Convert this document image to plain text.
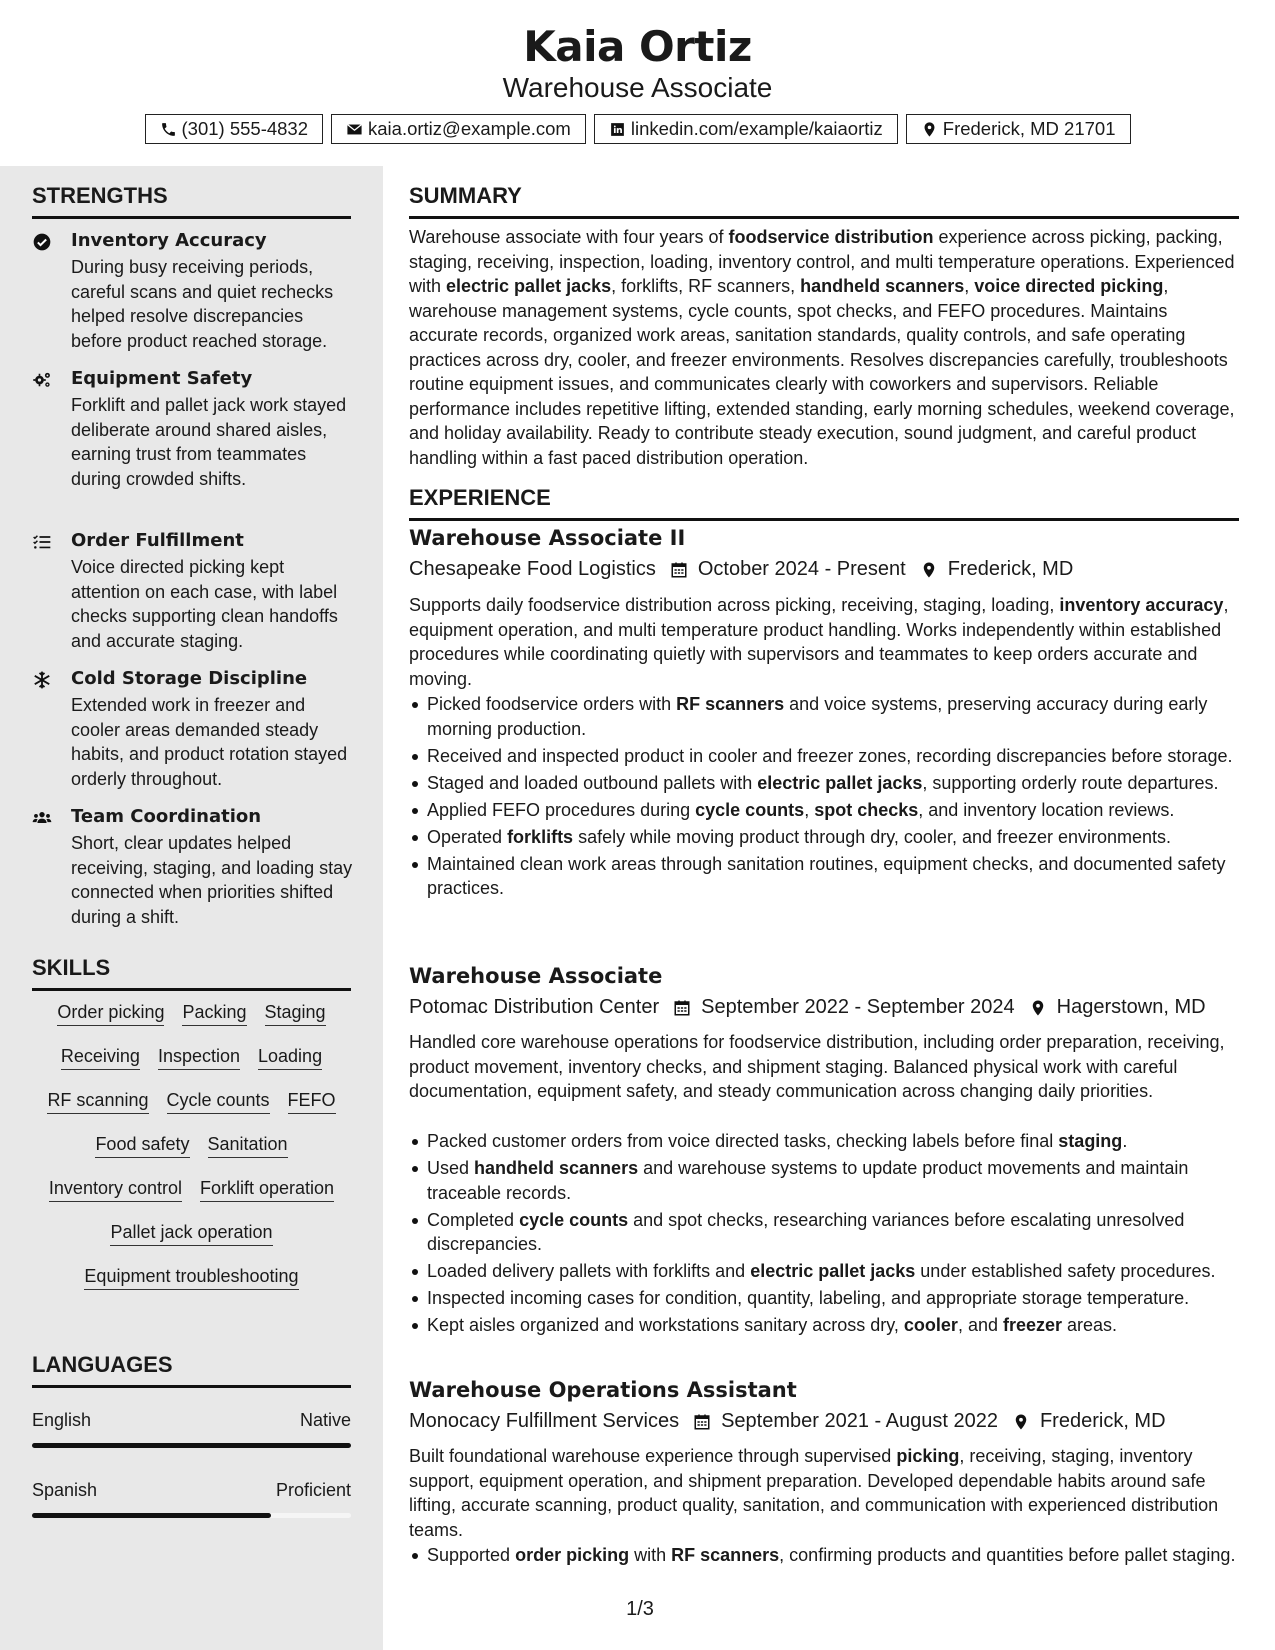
Kaia Ortiz
Warehouse Associate
(301) 555-4832	kaia.ortiz@example.com	linkedin.com/example/kaiaortiz	Frederick, MD 21701
STRENGTHS
Inventory Accuracy
During busy receiving periods, careful scans and quiet rechecks helped resolve discrepancies before product reached storage.
Equipment Safety
Forklift and pallet jack work stayed deliberate around shared aisles, earning trust from teammates during crowded shifts.
Order Fulfillment
Voice directed picking kept attention on each case, with label checks supporting clean handoffs and accurate staging.
Cold Storage Discipline
Extended work in freezer and cooler areas demanded steady habits, and product rotation stayed orderly throughout.
Team Coordination
Short, clear updates helped receiving, staging, and loading stay connected when priorities shifted during a shift.
SKILLS
Order picking Packing Staging
Receiving Inspection Loading
RF scanning Cycle counts FEFO
Food safety Sanitation
Inventory control Forklift operation
Pallet jack operation
Equipment troubleshooting
LANGUAGES
English	Native
Spanish	Proficient
SUMMARY
Warehouse associate with four years of foodservice distribution experience across picking, packing, staging, receiving, inspection, loading, inventory control, and multi temperature operations. Experienced with electric pallet jacks, forklifts, RF scanners, handheld scanners, voice directed picking, warehouse management systems, cycle counts, spot checks, and FEFO procedures. Maintains accurate records, organized work areas, sanitation standards, quality controls, and safe operating practices across dry, cooler, and freezer environments. Resolves discrepancies carefully, troubleshoots routine equipment issues, and communicates clearly with coworkers and supervisors. Reliable performance includes repetitive lifting, extended standing, early morning schedules, weekend coverage, and holiday availability. Ready to contribute steady execution, sound judgment, and careful product handling within a fast paced distribution operation.
EXPERIENCE
Warehouse Associate II
Chesapeake Food Logistics October 2024 - Present Frederick, MD
Supports daily foodservice distribution across picking, receiving, staging, loading, inventory accuracy, equipment operation, and multi temperature product handling. Works independently within established procedures while coordinating quietly with supervisors and teammates to keep orders accurate and moving.
Picked foodservice orders with RF scanners and voice systems, preserving accuracy during early morning production.
Received and inspected product in cooler and freezer zones, recording discrepancies before storage.
Staged and loaded outbound pallets with electric pallet jacks, supporting orderly route departures.
Applied FEFO procedures during cycle counts, spot checks, and inventory location reviews.
Operated forklifts safely while moving product through dry, cooler, and freezer environments.
Maintained clean work areas through sanitation routines, equipment checks, and documented safety practices.
Warehouse Associate
Potomac Distribution Center September 2022 - September 2024 Hagerstown, MD
Handled core warehouse operations for foodservice distribution, including order preparation, receiving, product movement, inventory checks, and shipment staging. Balanced physical work with careful documentation, equipment safety, and steady communication across changing daily priorities.
Packed customer orders from voice directed tasks, checking labels before final staging.
Used handheld scanners and warehouse systems to update product movements and maintain traceable records.
Completed cycle counts and spot checks, researching variances before escalating unresolved discrepancies.
Loaded delivery pallets with forklifts and electric pallet jacks under established safety procedures.
Inspected incoming cases for condition, quantity, labeling, and appropriate storage temperature.
Kept aisles organized and workstations sanitary across dry, cooler, and freezer areas.
Warehouse Operations Assistant
Monocacy Fulfillment Services September 2021 - August 2022 Frederick, MD
Built foundational warehouse experience through supervised picking, receiving, staging, inventory support, equipment operation, and shipment preparation. Developed dependable habits around safe lifting, accurate scanning, product quality, sanitation, and communication with experienced distribution teams.
Supported order picking with RF scanners, confirming products and quantities before pallet staging.
1/3
